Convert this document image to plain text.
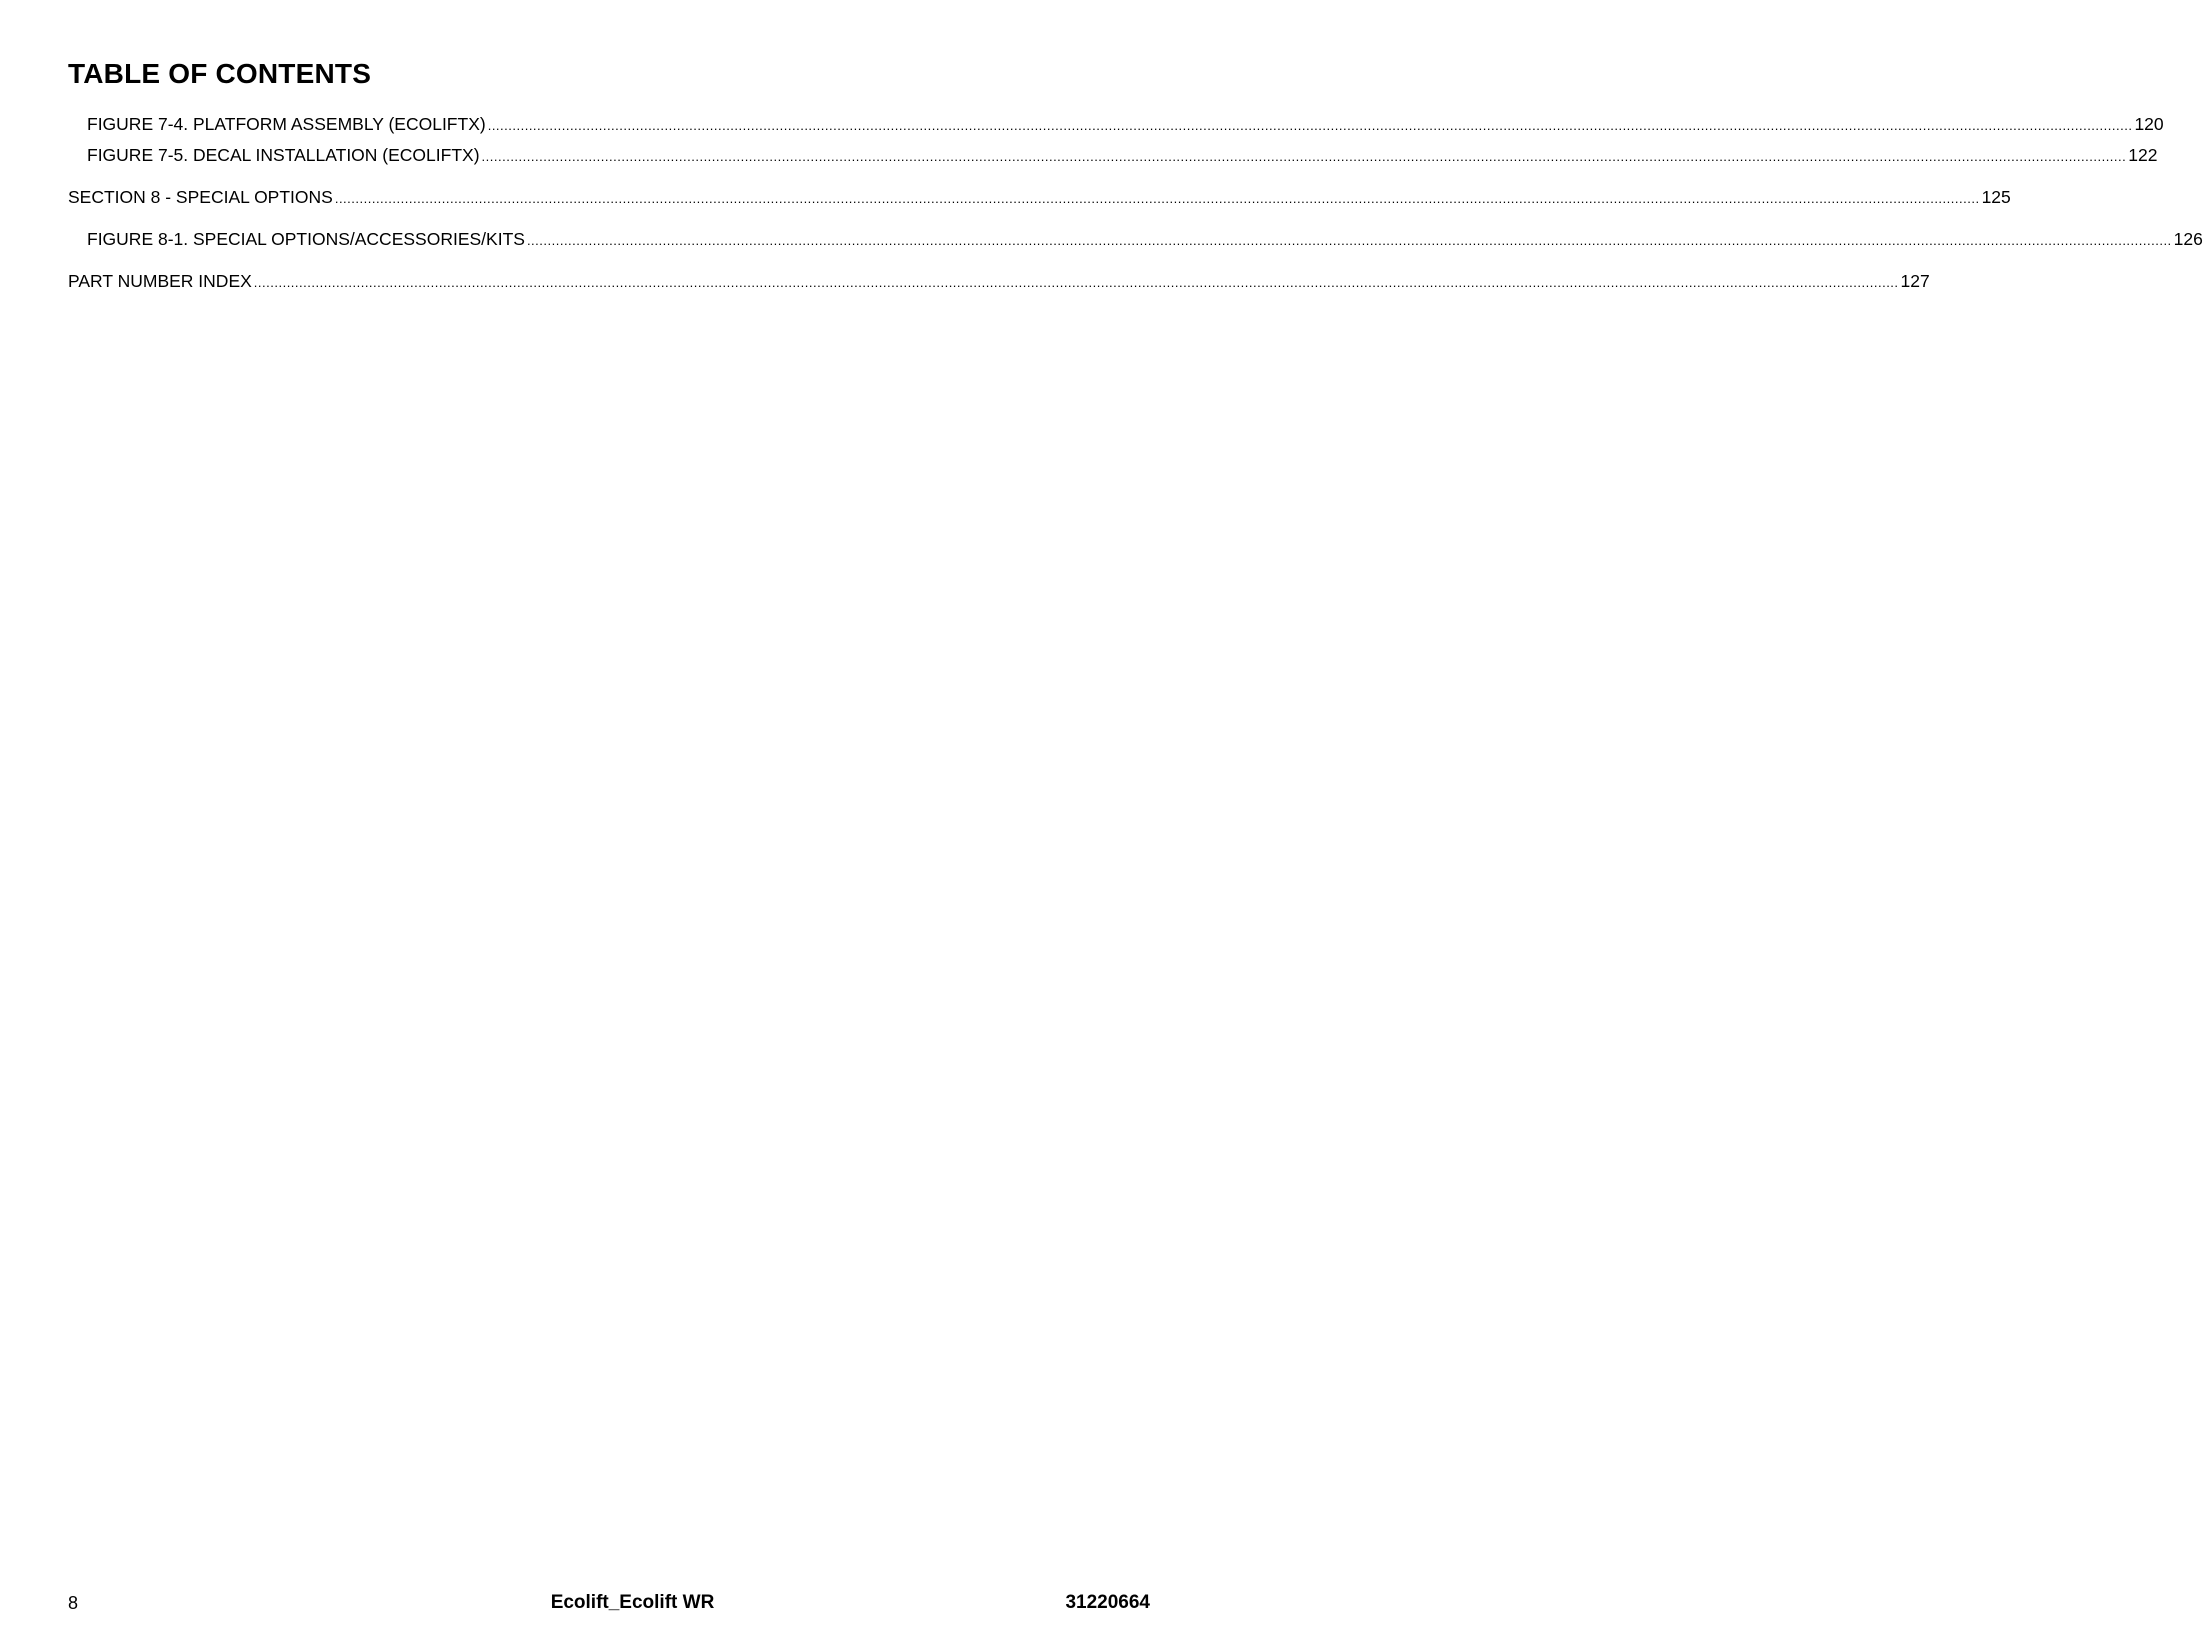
TABLE OF CONTENTS
FIGURE 7-4. PLATFORM ASSEMBLY (ECOLIFTX) ................................................................................................................................................................................................................................................................................................................................................................................................................ 120
FIGURE 7-5. DECAL INSTALLATION (ECOLIFTX) ................................................................................................................................................................................................................................................................................................................................................................................................................ 122
SECTION 8 - SPECIAL OPTIONS ................................................................................................................................................................................................................................................................................................................................................................................................................ 125
FIGURE 8-1. SPECIAL OPTIONS/ACCESSORIES/KITS ................................................................................................................................................................................................................................................................................................................................................................................................................ 126
PART NUMBER INDEX ................................................................................................................................................................................................................................................................................................................................................................................................................ 127
8	Ecolift_Ecolift WR	31220664
